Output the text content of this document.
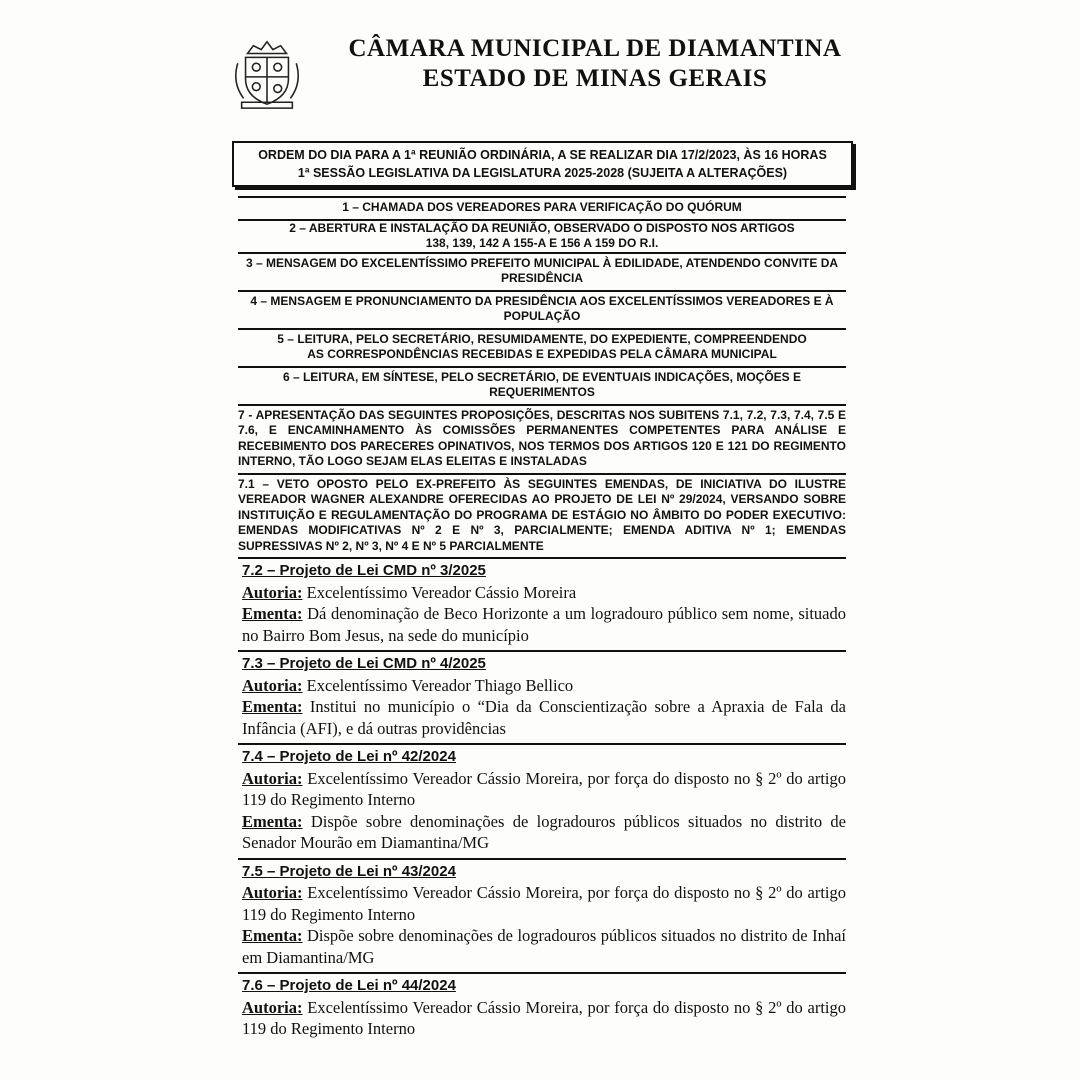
CÂMARA MUNICIPAL DE DIAMANTINA
ESTADO DE MINAS GERAIS
ORDEM DO DIA PARA A 1ª REUNIÃO ORDINÁRIA, A SE REALIZAR DIA 17/2/2023, ÀS 16 HORAS
1ª SESSÃO LEGISLATIVA DA LEGISLATURA 2025-2028 (SUJEITA A ALTERAÇÕES)
1 – CHAMADA DOS VEREADORES PARA VERIFICAÇÃO DO QUÓRUM
2 – ABERTURA E INSTALAÇÃO DA REUNIÃO, OBSERVADO O DISPOSTO NOS ARTIGOS 138, 139, 142 A 155-A E 156 A 159 DO R.I.
3 – MENSAGEM DO EXCELENTÍSSIMO PREFEITO MUNICIPAL À EDILIDADE, ATENDENDO CONVITE DA PRESIDÊNCIA
4 – MENSAGEM E PRONUNCIAMENTO DA PRESIDÊNCIA AOS EXCELENTÍSSIMOS VEREADORES E À POPULAÇÃO
5 – LEITURA, PELO SECRETÁRIO, RESUMIDAMENTE, DO EXPEDIENTE, COMPREENDENDO AS CORRESPONDÊNCIAS RECEBIDAS E EXPEDIDAS PELA CÂMARA MUNICIPAL
6 – LEITURA, EM SÍNTESE, PELO SECRETÁRIO, DE EVENTUAIS INDICAÇÕES, MOÇÕES E REQUERIMENTOS
7 - APRESENTAÇÃO DAS SEGUINTES PROPOSIÇÕES, DESCRITAS NOS SUBITENS 7.1, 7.2, 7.3, 7.4, 7.5 E 7.6, E ENCAMINHAMENTO ÀS COMISSÕES PERMANENTES COMPETENTES PARA ANÁLISE E RECEBIMENTO DOS PARECERES OPINATIVOS, NOS TERMOS DOS ARTIGOS 120 E 121 DO REGIMENTO INTERNO, TÃO LOGO SEJAM ELAS ELEITAS E INSTALADAS
7.1 – VETO OPOSTO PELO EX-PREFEITO ÀS SEGUINTES EMENDAS, DE INICIATIVA DO ILUSTRE VEREADOR WAGNER ALEXANDRE OFERECIDAS AO PROJETO DE LEI Nº 29/2024, VERSANDO SOBRE INSTITUIÇÃO E REGULAMENTAÇÃO DO PROGRAMA DE ESTÁGIO NO ÂMBITO DO PODER EXECUTIVO: EMENDAS MODIFICATIVAS Nº 2 E Nº 3, PARCIALMENTE; EMENDA ADITIVA Nº 1; EMENDAS SUPRESSIVAS Nº 2, Nº 3, Nº 4 E Nº 5 PARCIALMENTE
7.2 – Projeto de Lei CMD nº 3/2025
Autoria: Excelentíssimo Vereador Cássio Moreira
Ementa: Dá denominação de Beco Horizonte a um logradouro público sem nome, situado no Bairro Bom Jesus, na sede do município
7.3 – Projeto de Lei CMD nº 4/2025
Autoria: Excelentíssimo Vereador Thiago Bellico
Ementa: Institui no município o “Dia da Conscientização sobre a Apraxia de Fala da Infância (AFI), e dá outras providências
7.4 – Projeto de Lei nº 42/2024
Autoria: Excelentíssimo Vereador Cássio Moreira, por força do disposto no § 2º do artigo 119 do Regimento Interno
Ementa: Dispõe sobre denominações de logradouros públicos situados no distrito de Senador Mourão em Diamantina/MG
7.5 – Projeto de Lei nº 43/2024
Autoria: Excelentíssimo Vereador Cássio Moreira, por força do disposto no § 2º do artigo 119 do Regimento Interno
Ementa: Dispõe sobre denominações de logradouros públicos situados no distrito de Inhaí em Diamantina/MG
7.6 – Projeto de Lei nº 44/2024
Autoria: Excelentíssimo Vereador Cássio Moreira, por força do disposto no § 2º do artigo 119 do Regimento Interno
